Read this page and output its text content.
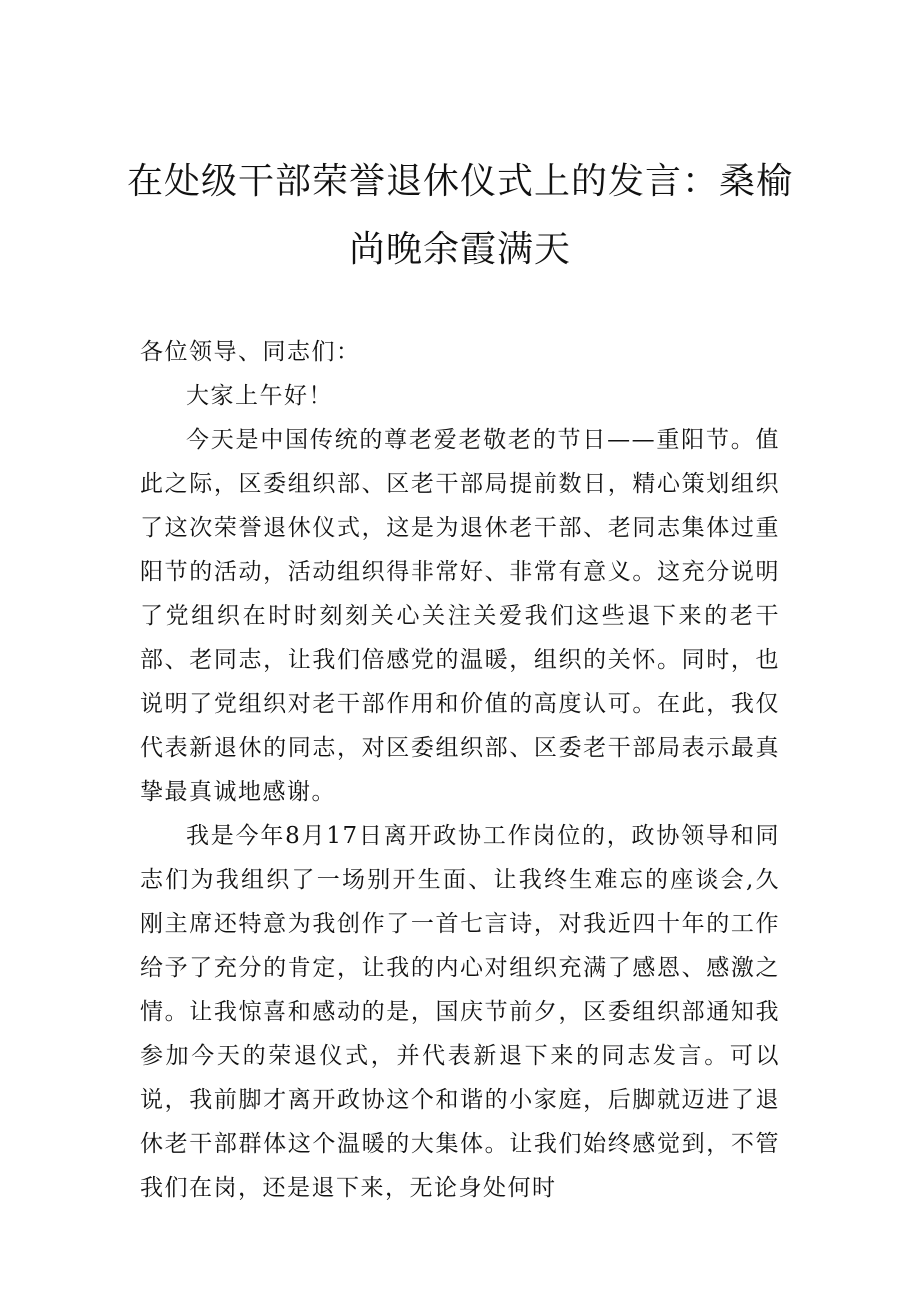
在处级干部荣誉退休仪式上的发言：桑榆
尚晚余霞满天

各位领导、同志们：

大家上午好！

今天是中国传统的尊老爱老敬老的节日——重阳节。值此之际，区委组织部、区老干部局提前数日，精心策划组织了这次荣誉退休仪式，这是为退休老干部、老同志集体过重阳节的活动，活动组织得非常好、非常有意义。这充分说明了党组织在时时刻刻关心关注关爱我们这些退下来的老干部、老同志，让我们倍感党的温暖，组织的关怀。同时，也说明了党组织对老干部作用和价值的高度认可。在此，我仅代表新退休的同志，对区委组织部、区委老干部局表示最真挚最真诚地感谢。

我是今年8月17日离开政协工作岗位的，政协领导和同志们为我组织了一场别开生面、让我终生难忘的座谈会,久刚主席还特意为我创作了一首七言诗，对我近四十年的工作给予了充分的肯定，让我的内心对组织充满了感恩、感激之情。让我惊喜和感动的是，国庆节前夕，区委组织部通知我参加今天的荣退仪式，并代表新退下来的同志发言。可以说，我前脚才离开政协这个和谐的小家庭，后脚就迈进了退休老干部群体这个温暖的大集体。让我们始终感觉到，不管我们在岗，还是退下来，无论身处何时
